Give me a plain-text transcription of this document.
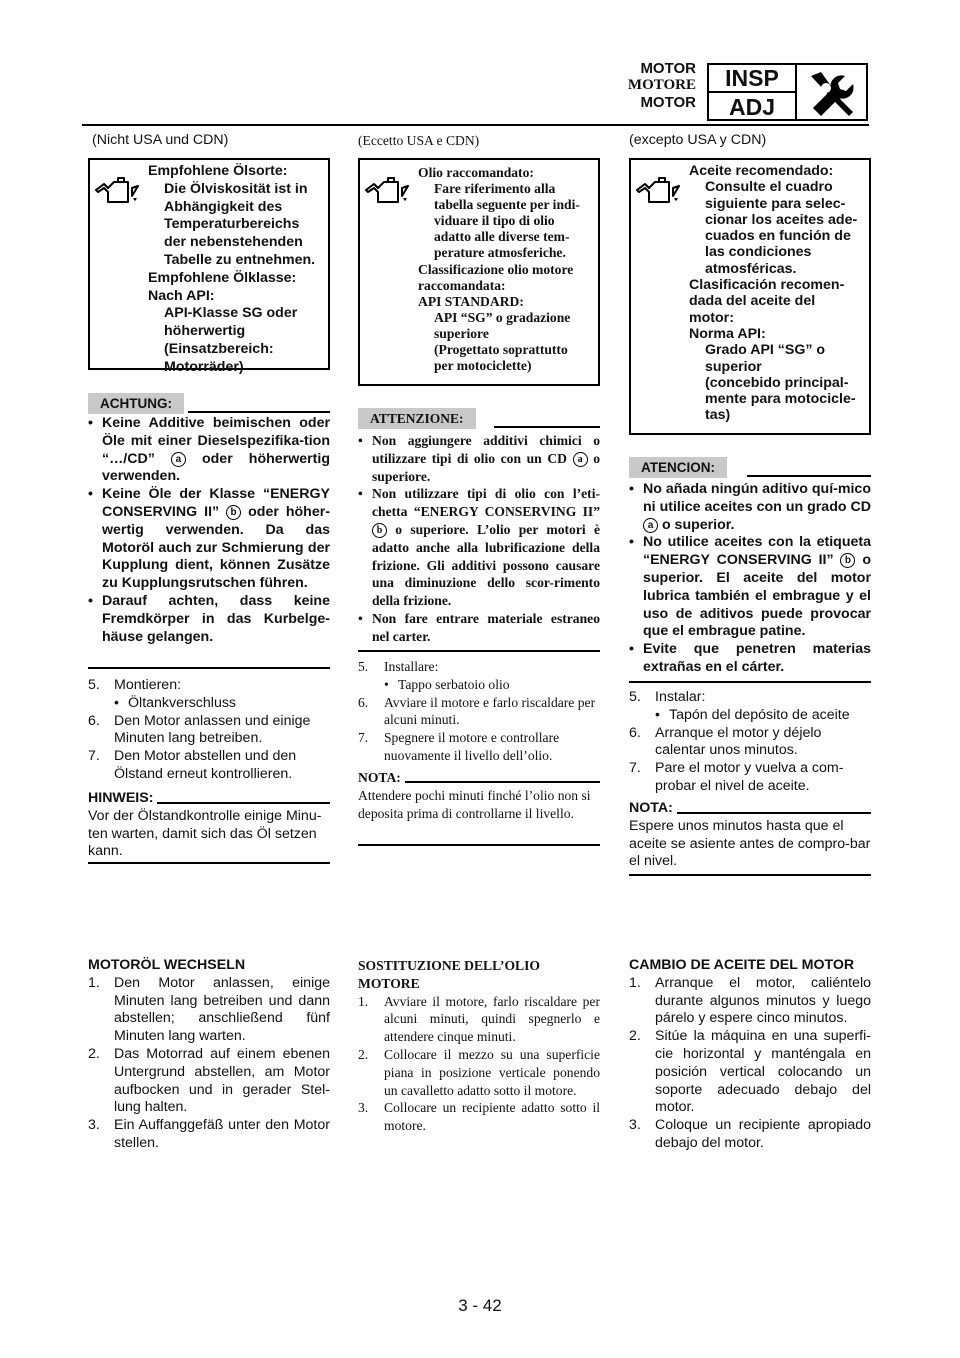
MOTOR
MOTORE
MOTOR
INSP
ADJ
(Nicht USA und CDN)
Empfohlene Ölsorte:
Die Ölviskosität ist in
Abhängigkeit des
Temperaturbereichs
der nebenstehenden
Tabelle zu entnehmen.
Empfohlene Ölklasse:
Nach API:
API-Klasse SG oder
höherwertig
(Einsatzbereich:
Motorräder)
ACHTUNG:
• Keine Additive beimischen oder Öle mit einer Dieselspezifika-tion “…/CD” a oder höherwertig verwenden.
• Keine Öle der Klasse “ENERGY CONSERVING II” b oder höher-wertig verwenden. Da das Motoröl auch zur Schmierung der Kupplung dient, können Zusätze zu Kupplungsrutschen führen.
• Darauf achten, dass keine Fremdkörper in das Kurbelge-häuse gelangen.
5. Montieren:
• Öltankverschluss
6. Den Motor anlassen und einige Minuten lang betreiben.
7. Den Motor abstellen und den Ölstand erneut kontrollieren.
HINWEIS:
Vor der Ölstandkontrolle einige Minu-ten warten, damit sich das Öl setzen kann.
MOTORÖL WECHSELN
1. Den Motor anlassen, einige Minuten lang betreiben und dann abstellen; anschließend fünf Minuten lang warten.
2. Das Motorrad auf einem ebenen Untergrund abstellen, am Motor aufbocken und in gerader Stel-lung halten.
3. Ein Auffanggefäß unter den Motor stellen.
(Eccetto USA e CDN)
Olio raccomandato:
Fare riferimento alla
tabella seguente per indi-
viduare il tipo di olio
adatto alle diverse tem-
perature atmosferiche.
Classificazione olio motore
raccomandata:
API STANDARD:
API “SG” o gradazione
superiore
(Progettato soprattutto
per motociclette)
ATTENZIONE:
• Non aggiungere additivi chimici o utilizzare tipi di olio con un CD a o superiore.
• Non utilizzare tipi di olio con l’eti-chetta “ENERGY CONSERVING II” b o superiore. L’olio per motori è adatto anche alla lubrificazione della frizione. Gli additivi possono causare una diminuzione dello scor-rimento della frizione.
• Non fare entrare materiale estraneo nel carter.
5.	Installare:
• Tappo serbatoio olio
6.	Avviare il motore e farlo riscaldare per alcuni minuti.
7.	Spegnere il motore e controllare nuovamente il livello dell’olio.
NOTA:
Attendere pochi minuti finché l’olio non si deposita prima di controllarne il livello.
SOSTITUZIONE DELL’OLIO MOTORE
1.	Avviare il motore, farlo riscaldare per alcuni minuti, quindi spegnerlo e attendere cinque minuti.
2.	Collocare il mezzo su una superficie piana in posizione verticale ponendo un cavalletto adatto sotto il motore.
3.	Collocare un recipiente adatto sotto il motore.
(excepto USA y CDN)
Aceite recomendado:
Consulte el cuadro
siguiente para selec-
cionar los aceites ade-
cuados en función de
las condiciones
atmosféricas.
Clasificación recomen-
dada del aceite del
motor:
Norma API:
Grado API “SG” o
superior
(concebido principal-
mente para motocicle-
tas)
ATENCION:
• No añada ningún aditivo quí-mico ni utilice aceites con un grado CD a o superior.
• No utilice aceites con la etiqueta “ENERGY CONSERVING II” b o superior. El aceite del motor lubrica también el embrague y el uso de aditivos puede provocar que el embrague patine.
• Evite que penetren materias extrañas en el cárter.
5. Instalar:
• Tapón del depósito de aceite
6. Arranque el motor y déjelo calentar unos minutos.
7. Pare el motor y vuelva a com-probar el nivel de aceite.
NOTA:
Espere unos minutos hasta que el aceite se asiente antes de compro-bar el nivel.
CAMBIO DE ACEITE DEL MOTOR
1. Arranque el motor, caliéntelo durante algunos minutos y luego párelo y espere cinco minutos.
2. Sitúe la máquina en una superfi-cie horizontal y manténgala en posición vertical colocando un soporte adecuado debajo del motor.
3. Coloque un recipiente apropiado debajo del motor.
3 - 42
